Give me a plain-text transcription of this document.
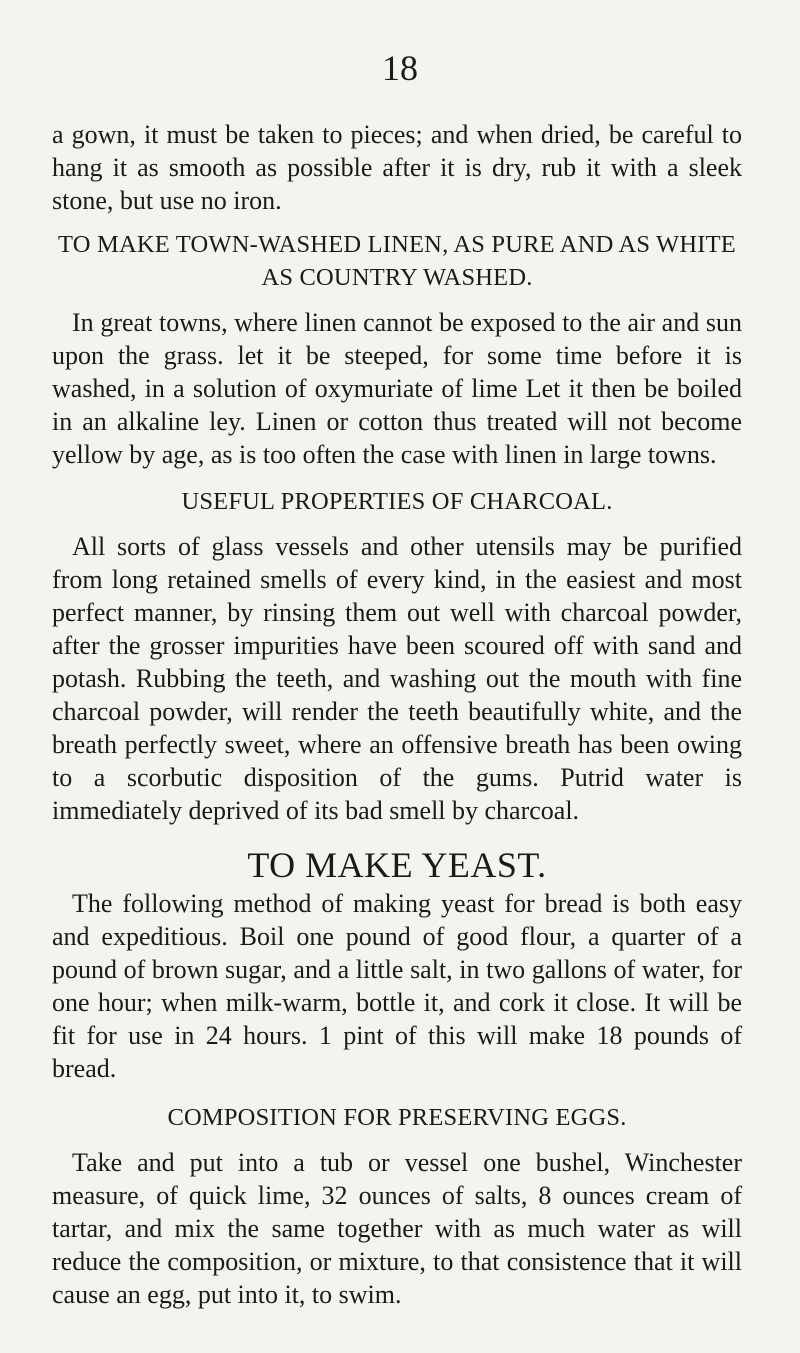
18

a gown, it must be taken to pieces; and when dried, be careful to hang it as smooth as possible after it is dry, rub it with a sleek stone, but use no iron.

TO MAKE TOWN-WASHED LINEN, AS PURE AND AS WHITE AS COUNTRY WASHED.

In great towns, where linen cannot be exposed to the air and sun upon the grass. let it be steeped, for some time before it is washed, in a solution of oxymuriate of lime Let it then be boiled in an alkaline ley. Linen or cotton thus treated will not become yellow by age, as is too often the case with linen in large towns.

USEFUL PROPERTIES OF CHARCOAL.

All sorts of glass vessels and other utensils may be purified from long retained smells of every kind, in the easiest and most perfect manner, by rinsing them out well with charcoal powder, after the grosser impurities have been scoured off with sand and potash. Rubbing the teeth, and washing out the mouth with fine charcoal powder, will render the teeth beautifully white, and the breath perfectly sweet, where an offensive breath has been owing to a scorbutic disposition of the gums. Putrid water is immediately deprived of its bad smell by charcoal.

TO MAKE YEAST.

The following method of making yeast for bread is both easy and expeditious. Boil one pound of good flour, a quarter of a pound of brown sugar, and a little salt, in two gallons of water, for one hour; when milk-warm, bottle it, and cork it close. It will be fit for use in 24 hours. 1 pint of this will make 18 pounds of bread.

COMPOSITION FOR PRESERVING EGGS.

Take and put into a tub or vessel one bushel, Winchester measure, of quick lime, 32 ounces of salts, 8 ounces cream of tartar, and mix the same together with as much water as will reduce the composition, or mixture, to that consistence that it will cause an egg, put into it, to swim.
